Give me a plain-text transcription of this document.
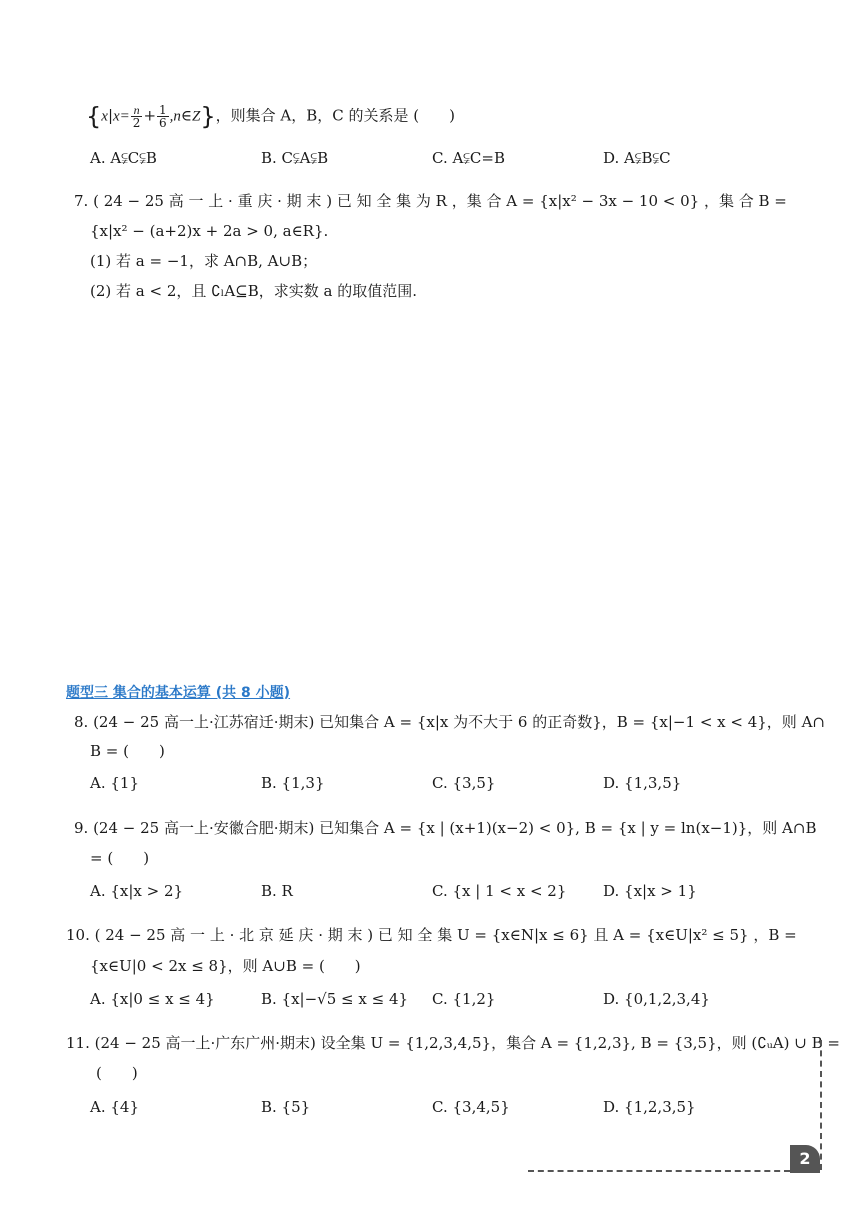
{$x|x= \frac{n}{2} + \frac{1}{6}$ ,n∈Z}，则集合 A，B，C 的关系是 (　　)
A. A⫋C⫋B	B. C⫋A⫋B	C. A⫋C=B	D. A⫋B⫋C
7. ( 24 − 25 高 一 上 · 重 庆 · 期 末 ) 已 知 全 集 为 R ，集 合 A = {x|x² − 3x − 10 < 0} ，集 合 B =
{x|x² − (a+2)x + 2a > 0, a∈R}.
(1) 若 a = −1，求 A∩B, A∪B；
(2) 若 a < 2，且 ∁ₗA⊆B，求实数 a 的取值范围.
题型三 集合的基本运算 (共 8 小题)
8. (24 − 25 高一上·江苏宿迁·期末) 已知集合 A = {x|x 为不大于 6 的正奇数}，B = {x|−1 < x < 4}，则 A∩
B = (　　)
A. {1}	B. {1,3}	C. {3,5}	D. {1,3,5}
9. (24 − 25 高一上·安徽合肥·期末) 已知集合 A = {x | (x+1)(x−2) < 0}, B = {x | y = ln(x−1)}，则 A∩B
= (　　)
A. {x|x > 2}	B. R	C. {x | 1 < x < 2} D. {x|x > 1}
10. ( 24 − 25 高 一 上 · 北 京 延 庆 · 期 末 ) 已 知 全 集 U = {x∈N|x ≤ 6} 且 A = {x∈U|x² ≤ 5} ，B =
{x∈U|0 < 2x ≤ 8}，则 A∪B = (　　)
A. {x|0 ≤ x ≤ 4}	B. {x|−√5 ≤ x ≤ 4} C. {1,2}	D. {0,1,2,3,4}
11. (24 − 25 高一上·广东广州·期末) 设全集 U = {1,2,3,4,5}，集合 A = {1,2,3}, B = {3,5}，则 (∁ᵤA) ∪ B =
(　　)
A. {4}	B. {5}	C. {3,4,5}	D. {1,2,3,5}
2
